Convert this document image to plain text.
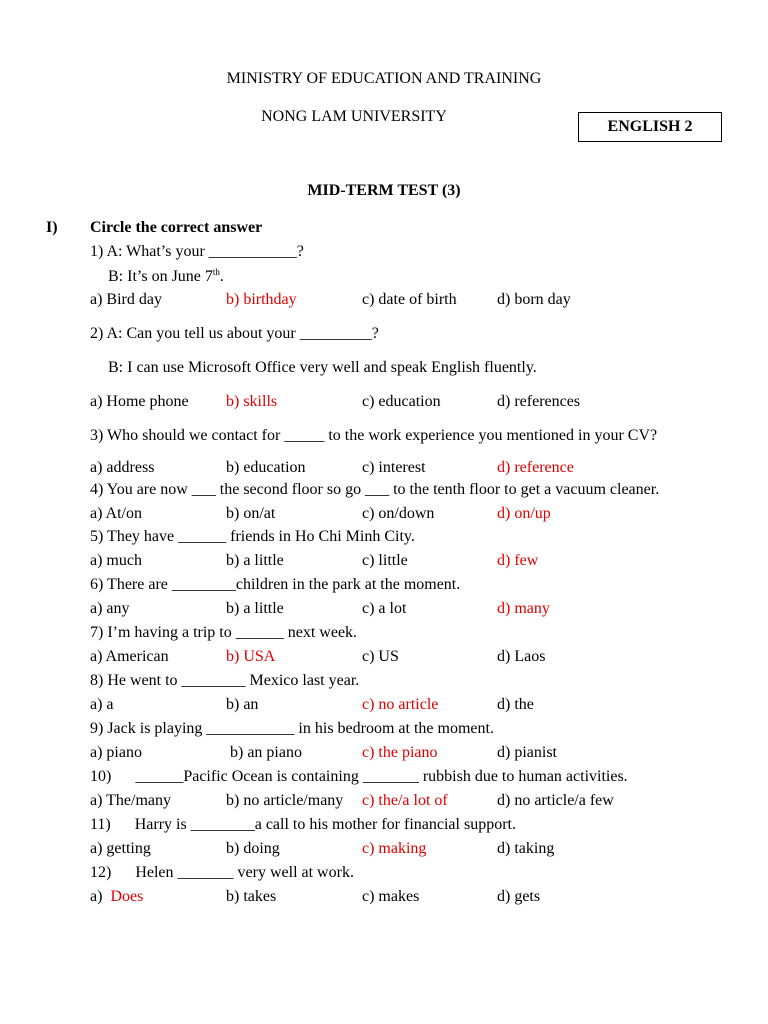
MINISTRY OF EDUCATION AND TRAINING
NONG LAM UNIVERSITY
ENGLISH 2
MID-TERM TEST (3)
I) Circle the correct answer
1) A: What’s your ___________?
B: It’s on June 7th.
a) Bird day	b) birthday	c) date of birth	d) born day
2) A: Can you tell us about your _________?
B: I can use Microsoft Office very well and speak English fluently.
a) Home phone b) skills	c) education	d) references
3) Who should we contact for _____ to the work experience you mentioned in your CV?
a) address	b) education	c) interest	d) reference
4) You are now ___ the second floor so go ___ to the tenth floor to get a vacuum cleaner.
a) At/on	b) on/at	c) on/down	d) on/up
5) They have ______ friends in Ho Chi Minh City.
a) much	b) a little	c) little	d) few
6) There are ________children in the park at the moment.
a) any	b) a little	c) a lot	d) many
7) I’m having a trip to ______ next week.
a) American	b) USA	c) US	d) Laos
8) He went to ________ Mexico last year.
a) a	b) an	c) no article	d) the
9) Jack is playing ___________ in his bedroom at the moment.
a) piano	b) an piano	c) the piano	d) pianist
10)      ______Pacific Ocean is containing _______ rubbish due to human activities.
a) The/many	b) no article/many c) the/a lot of	d) no article/a few
11)      Harry is ________a call to his mother for financial support.
a) getting	b) doing	c) making	d) taking
12)      Helen _______ very well at work.
a)  Does	b) takes	c) makes	d) gets
